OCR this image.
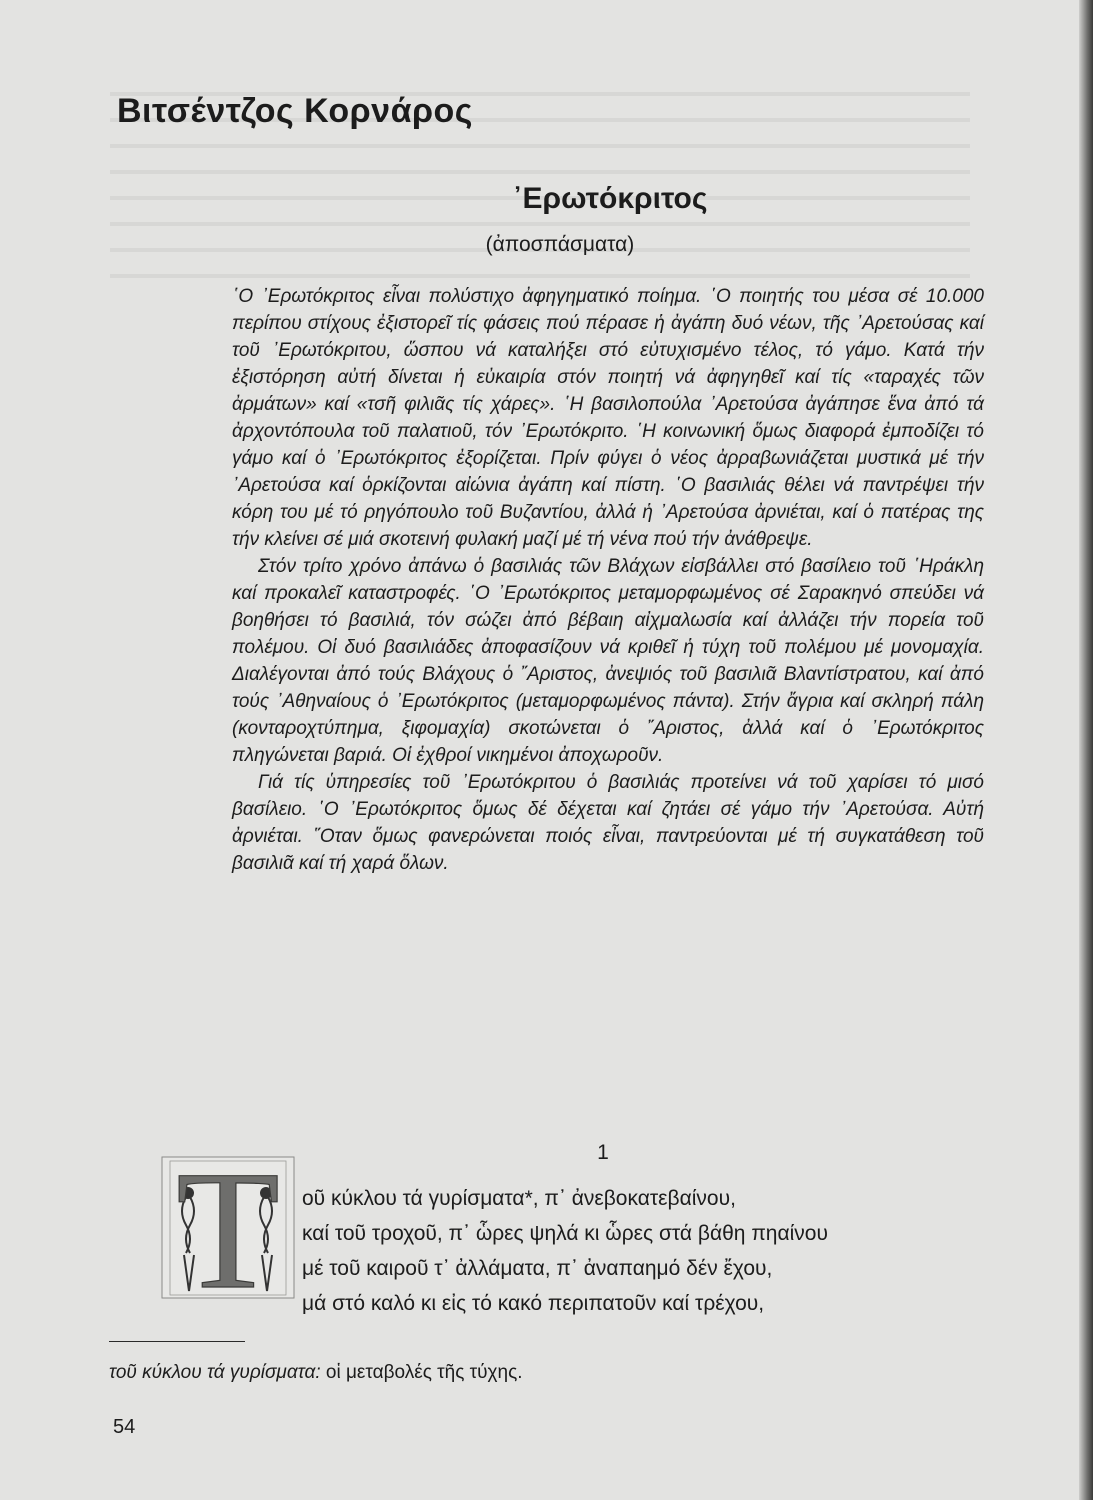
Βιτσέντζος Κορνάρος
᾿Ερωτόκριτος
(ἀποσπάσματα)

῾Ο ᾿Ερωτόκριτος εἶναι πολύστιχο ἀφηγηματικό ποίημα. ῾Ο ποιητής του μέσα σέ 10.000 περίπου στίχους ἐξιστορεῖ τίς φάσεις πού πέρασε ἡ ἀγάπη δυό νέων, τῆς ᾿Αρετούσας καί τοῦ ᾿Ερωτόκριτου, ὥσπου νά καταλήξει στό εὐτυχισμένο τέλος, τό γάμο. Κατά τήν ἐξιστόρηση αὐτή δίνεται ἡ εὐκαιρία στόν ποιητή νά ἀφηγηθεῖ καί τίς «ταραχές τῶν ἀρμάτων» καί «τσῆ φιλιᾶς τίς χάρες». ῾Η βασιλοπούλα ᾿Αρετούσα ἀγάπησε ἕνα ἀπό τά ἀρχοντόπουλα τοῦ παλατιοῦ, τόν ᾿Ερωτόκριτο. ῾Η κοινωνική ὅμως διαφορά ἐμποδίζει τό γάμο καί ὁ ᾿Ερωτόκριτος ἐξορίζεται. Πρίν φύγει ὁ νέος ἀρραβωνιάζεται μυστικά μέ τήν ᾿Αρετούσα καί ὁρκίζονται αἰώνια ἀγάπη καί πίστη. ῾Ο βασιλιάς θέλει νά παντρέψει τήν κόρη του μέ τό ρηγόπουλο τοῦ Βυζαντίου, ἀλλά ἡ ᾿Αρετούσα ἀρνιέται, καί ὁ πατέρας της τήν κλείνει σέ μιά σκοτεινή φυλακή μαζί μέ τή νένα πού τήν ἀνάθρεψε.

Στόν τρίτο χρόνο ἀπάνω ὁ βασιλιάς τῶν Βλάχων εἰσβάλλει στό βασίλειο τοῦ ῾Ηράκλη καί προκαλεῖ καταστροφές. ῾Ο ᾿Ερωτόκριτος μεταμορφωμένος σέ Σαρακηνό σπεύδει νά βοηθήσει τό βασιλιά, τόν σώζει ἀπό βέβαιη αἰχμαλωσία καί ἀλλάζει τήν πορεία τοῦ πολέμου. Οἱ δυό βασιλιάδες ἀποφασίζουν νά κριθεῖ ἡ τύχη τοῦ πολέμου μέ μονομαχία. Διαλέγονται ἀπό τούς Βλάχους ὁ ῎Αριστος, ἀνεψιός τοῦ βασιλιᾶ Βλαντίστρατου, καί ἀπό τούς ᾿Αθηναίους ὁ ᾿Ερωτόκριτος (μεταμορφωμένος πάντα). Στήν ἄγρια καί σκληρή πάλη (κονταροχτύπημα, ξιφομαχία) σκοτώνεται ὁ ῎Αριστος, ἀλλά καί ὁ ᾿Ερωτόκριτος πληγώνεται βαριά. Οἱ ἐχθροί νικημένοι ἀποχωροῦν.

Γιά τίς ὑπηρεσίες τοῦ ᾿Ερωτόκριτου ὁ βασιλιάς προτείνει νά τοῦ χαρίσει τό μισό βασίλειο. ῾Ο ᾿Ερωτόκριτος ὅμως δέ δέχεται καί ζητάει σέ γάμο τήν ᾿Αρετούσα. Αὐτή ἀρνιέται. ῞Οταν ὅμως φανερώνεται ποιός εἶναι, παντρεύονται μέ τή συγκατάθεση τοῦ βασιλιᾶ καί τή χαρά ὅλων.

1
Τ οῦ κύκλου τά γυρίσματα*, π᾿ ἀνεβοκατεβαίνου,
καί τοῦ τροχοῦ, π᾿ ὧρες ψηλά κι ὧρες στά βάθη πηαίνου
μέ τοῦ καιροῦ τ᾿ ἀλλάματα, π᾿ ἀναπαημό δέν ἔχου,
μά στό καλό κι εἰς τό κακό περιπατοῦν καί τρέχου,
τοῦ κύκλου τά γυρίσματα: οἱ μεταβολές τῆς τύχης.
54
